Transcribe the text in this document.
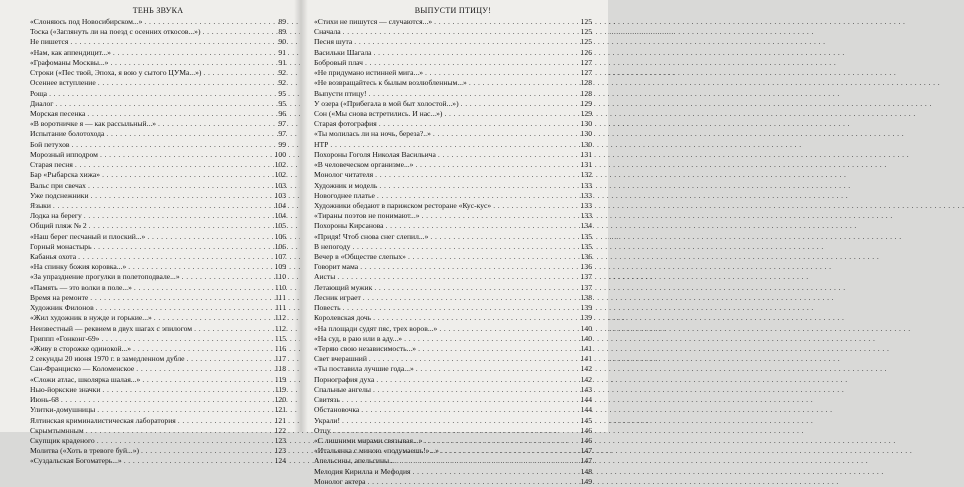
ТЕНЬ ЗВУКА
«Слоняюсь под Новосибирском...» . . .	89
Тоска («Заглянуть ли на поезд с осенних откосов...») . . .	89
Не пишется . . .	90
«Нам, как аппендицит...» . . .	91
«Графоманы Москвы...» . . .	91
Строки («Пес твой, Эпоха, я вою у сытого ЦУМа...») . . .	92
Осеннее вступление . . .	92
Роща . . .	95
Диалог . . .	95
Морская песенка . . .	96
«В воротничке я — как рассыльный...» . . .	97
Испытание болотохода . . .	97
Бой петухов . . .	99
Морозный ипподром . . .	100
Старая песня . . .	102
Бар «Рыбарска хижа» . . .	102
Вальс при свечах . . .	103
Уже подснежники . . .	103
Языки . . .	104
Лодка на берегу . . .	104
Общий пляж № 2 . . .	105
«Наш берег песчаный и плоский...» . . .	106
Горный монастырь . . .	106
Кабанья охота . . .	107
«На спинку божия коровка...» . . .	109
«За упразднение прогулки в полетоподвале...» . . .	110
«Память — это волки в поле...» . . .	110
Время на ремонте . . .	111
Художник Филонов . . .	111
«Жил художник в нужде и горькие...» . . .	112
Неизвестный — реквием в двух шагах с эпилогом . . .	112
Гриппп «Гонконг-69» . . .	115
«Живу в сторожке одинокой...» . . .	116
2 секунды 20 июня 1970 г. в замедленном дубле . . .	117
Сан-Франциско — Коломенское . . .	118
«Сложи атлас, школярка шалая...» . . .	119
Нью-йоркские значки . . .	119
Июнь-68 . . .	120
Улитки-домушницы . . .	121
Ялтинская криминалистическая лаборатория . . .	121
Скрымтымнным . . .	122
Скупщик краденого . . .	123
Молитва («Хоть в тревоге буй...») . . .	123
«Суздальская Богоматерь...» . . .	124
ВЫПУСТИ ПТИЦУ!
«Стихи не пишутся — случаются...» . . .	125
Сначала . . .	125
Песня шута . . .	125
Васильки Шагала . . .	126
Бобровый плач . . .	127
«Не придумано истинней мига...» . . .	127
«Не возвращайтесь к былым возлюбленным...» . . .	128
Выпусти птицу! . . .	128
У озера («Прибегала в мой быт холостой...») . . .	129
Сон («Мы снова встретились. И нас...») . . .	129
Старая фотография . . .	130
«Ты молилась ли на ночь, береза?..» . . .	130
НТР . . .	130
Похороны Гоголя Николая Васильича . . .	131
«В человеческом организме...» . . .	131
Монолог читателя . . .	132
Художник и модель . . .	133
Новогоднее платье . . .	133
Художники обедают в парижском ресторане «Кус-кус» . . .	133
«Тираны поэтов не понимают...» . . .	133
Похороны Кирсанова . . .	134
«Придя! Чтоб снова снег слепил...» . . .	135
В непогоду . . .	135
Вечер в «Обществе слепых» . . .	136
Говорит мама . . .	136
Аисты . . .	137
Летающий мужик . . .	137
Лесник играет . . .	138
Повесть . . .	139
Королевская дочь . . .	139
«На площади судят пяс, трех воров...» . . .	140
«На суд, в раю или в аду...» . . .	140
«Теряю свою независимость...» . . .	141
Свет вчерашний . . .	141
«Ты поставила лучшие года...» . . .	142
Порнография духа . . .	142
Спальные ангелы . . .	143
Свитязь . . .	144
Обстановочка . . .	144
Украли! . . .	145
Отцу . . .	146
«С лишними мирами связывая...» . . .	146
«Итальянка с миною «подумаешь!»...» . . .	147
Апельсины, апельсины... . . .	147
Мелодия Кирилла и Мефодия . . .	148
Монолог актера . . .	149
